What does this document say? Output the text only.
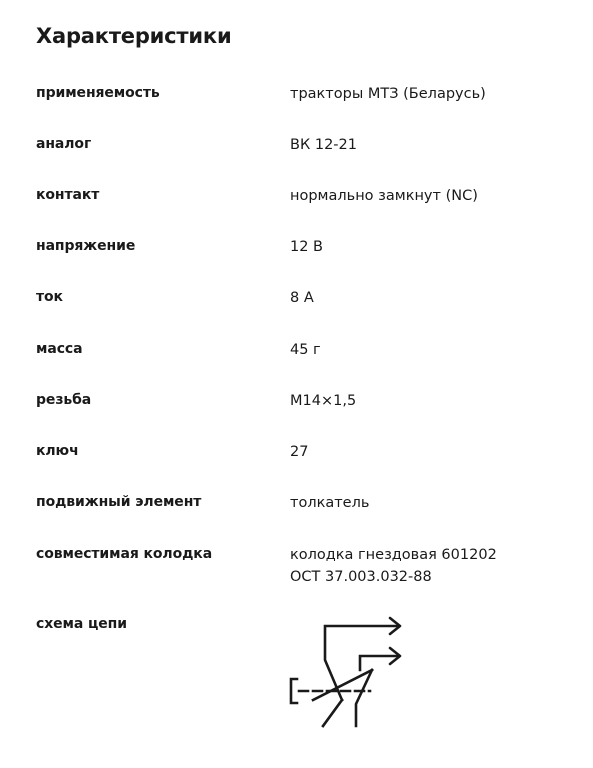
Характеристики
применяемость	тракторы МТЗ (Беларусь)
аналог	ВК 12-21
контакт	нормально замкнут (NC)
напряжение	12 В
ток	8 А
масса	45 г
резьба	М14×1,5
ключ	27
подвижный элемент	толкатель
совместимая колодка	колодка гнездовая 601202
ОСТ 37.003.032-88
схема цепи
